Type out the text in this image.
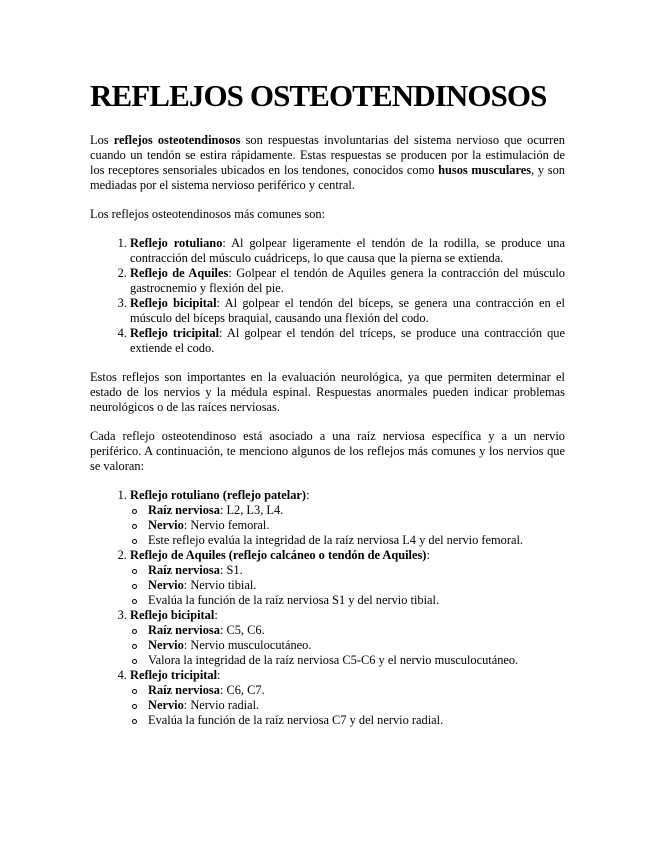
REFLEJOS OSTEOTENDINOSOS

Los reflejos osteotendinosos son respuestas involuntarias del sistema nervioso que ocurren cuando un tendón se estira rápidamente. Estas respuestas se producen por la estimulación de los receptores sensoriales ubicados en los tendones, conocidos como husos musculares, y son mediadas por el sistema nervioso periférico y central.

Los reflejos osteotendinosos más comunes son:

1. Reflejo rotuliano: Al golpear ligeramente el tendón de la rodilla, se produce una contracción del músculo cuádriceps, lo que causa que la pierna se extienda.
2. Reflejo de Aquiles: Golpear el tendón de Aquiles genera la contracción del músculo gastrocnemio y flexión del pie.
3. Reflejo bicipital: Al golpear el tendón del bíceps, se genera una contracción en el músculo del bíceps braquial, causando una flexión del codo.
4. Reflejo tricipital: Al golpear el tendón del tríceps, se produce una contracción que extiende el codo.

Estos reflejos son importantes en la evaluación neurológica, ya que permiten determinar el estado de los nervios y la médula espinal. Respuestas anormales pueden indicar problemas neurológicos o de las raíces nerviosas.

Cada reflejo osteotendinoso está asociado a una raíz nerviosa específica y a un nervio periférico. A continuación, te menciono algunos de los reflejos más comunes y los nervios que se valoran:

1. Reflejo rotuliano (reflejo patelar):
Raíz nerviosa: L2, L3, L4.
Nervio: Nervio femoral.
Este reflejo evalúa la integridad de la raíz nerviosa L4 y del nervio femoral.
2. Reflejo de Aquiles (reflejo calcáneo o tendón de Aquiles):
Raíz nerviosa: S1.
Nervio: Nervio tibial.
Evalúa la función de la raíz nerviosa S1 y del nervio tibial.
3. Reflejo bicipital:
Raíz nerviosa: C5, C6.
Nervio: Nervio musculocutáneo.
Valora la integridad de la raíz nerviosa C5-C6 y el nervio musculocutáneo.
4. Reflejo tricipital:
Raíz nerviosa: C6, C7.
Nervio: Nervio radial.
Evalúa la función de la raíz nerviosa C7 y del nervio radial.
